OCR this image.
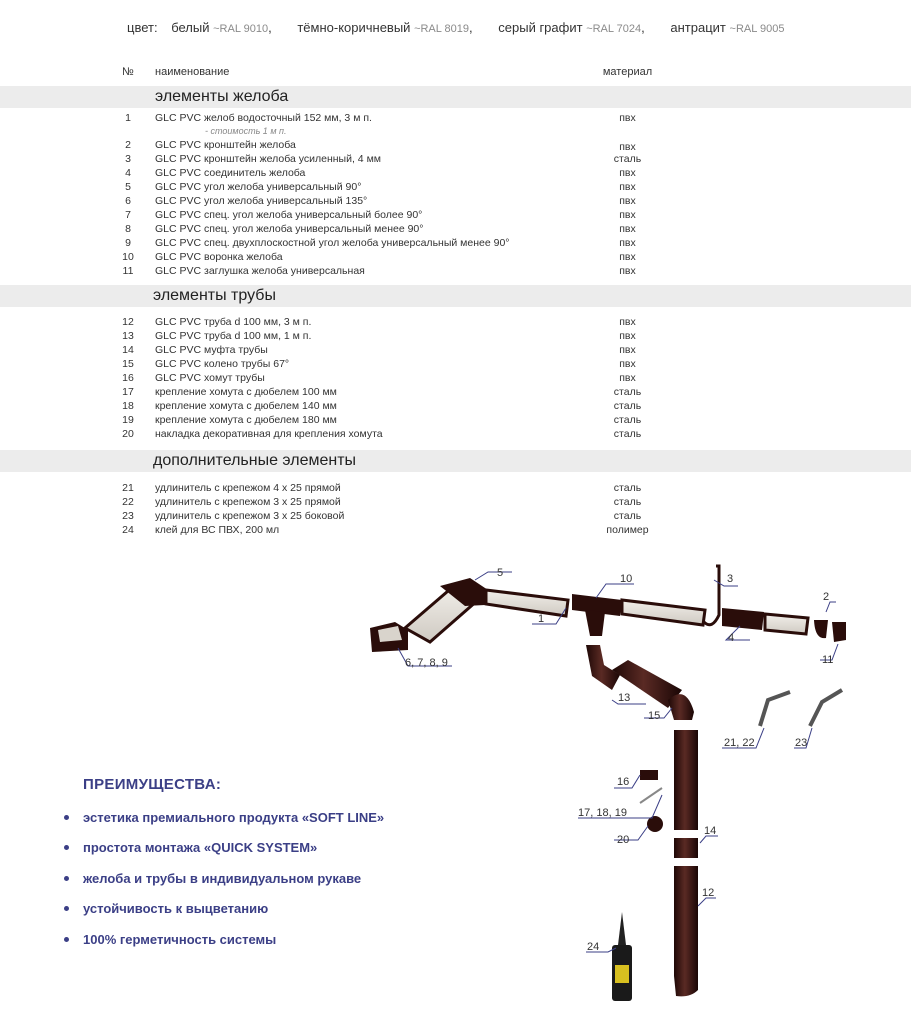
цвет: белый ~RAL 9010, тёмно-коричневый ~RAL 8019, серый графит ~RAL 7024, антрацит ~RAL 9005
№ наименование	материал
элементы желоба
1	GLC PVC желоб водосточный 152 мм, 3 м п.	пвх
- стоимость 1 м п.
2	GLC PVC кронштейн желоба	пвх
3	GLC PVC кронштейн желоба усиленный, 4 мм	сталь
4	GLC PVC соединитель желоба	пвх
5	GLC PVC угол желоба универсальный 90°	пвх
6	GLC PVC угол желоба универсальный 135°	пвх
7	GLC PVC спец. угол желоба универсальный более 90°	пвх
8	GLC PVC спец. угол желоба универсальный менее 90°	пвх
9	GLC PVC спец. двухплоскостной угол желоба универсальный менее 90°	пвх
10	GLC PVC воронка желоба	пвх
11	GLC PVC заглушка желоба универсальная	пвх
элементы трубы
12	GLC PVC труба d 100 мм, 3 м п.	пвх
13	GLC PVC труба d 100 мм, 1 м п.	пвх
14	GLC PVC муфта трубы	пвх
15	GLC PVC колено трубы 67°	пвх
16	GLC PVC хомут трубы	пвх
17	крепление хомута с дюбелем 100 мм	сталь
18	крепление хомута с дюбелем 140 мм	сталь
19	крепление хомута с дюбелем 180 мм	сталь
20	накладка декоративная для крепления хомута	сталь
дополнительные элементы
21	удлинитель с крепежом 4 х 25 прямой	сталь
22	удлинитель с крепежом 3 х 25 прямой	сталь
23	удлинитель с крепежом 3 х 25 боковой	сталь
24	клей для ВС ПВХ, 200 мл	полимер
ПРЕИМУЩЕСТВА:
эстетика премиального продукта «SOFT LINE»
простота монтажа «QUICK SYSTEM»
желоба и трубы в индивидуальном рукаве
устойчивость к выцветанию
100% герметичность системы
5
1
6, 7, 8, 9
10	3
4
2
11
13
15
21, 22	23
16
17, 18, 19
20
14
12
24
